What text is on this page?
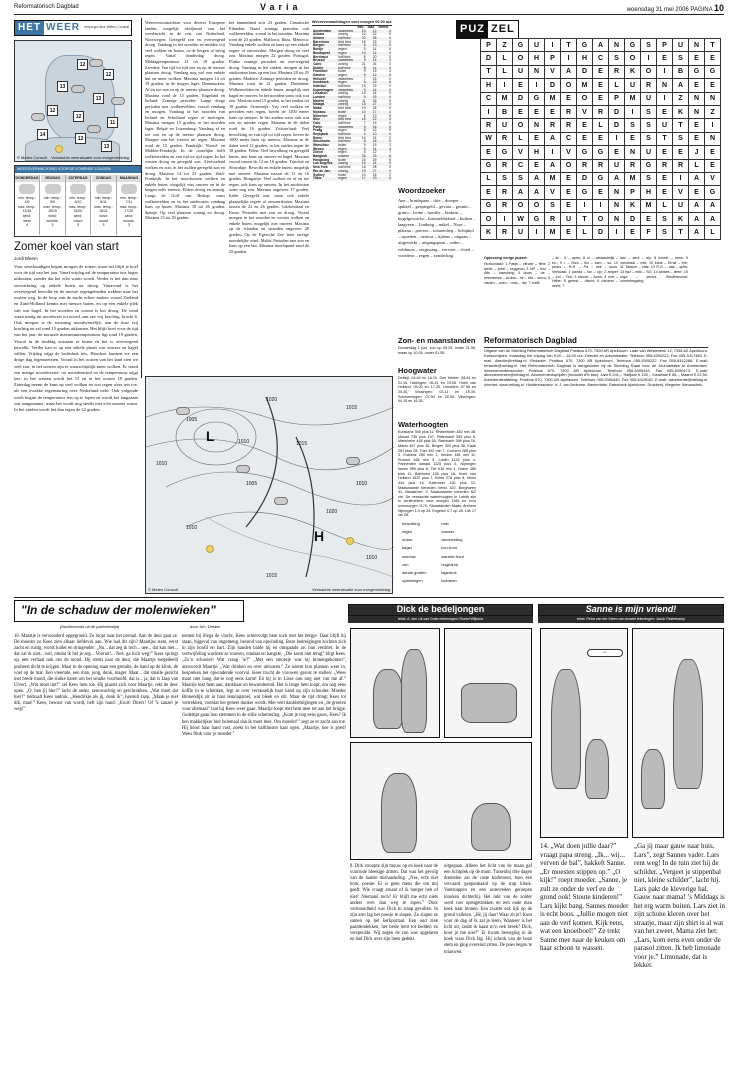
Reformatorisch Dagblad	Varia	woensdag 31 mei 2006 PAGINA 10
HET WEER	verzorgd door Meteo Consult
12
12
13
13
12
12
11
14
12
13
© Meteo Consult Verwachte weersituatie voor morgenmiddag
WEERSVERWACHTING VOOR DE KOMENDE 5 DAGEN
DONDERDAG
min. temp.:
4/9
max. temp.:
13/18
wind:
west
4
VRIJDAG
min. temp.:
5/9
max. temp.:
15/19
wind:
noordw.
3
ZATERDAG
min. temp.:
6/10
max. temp.:
15/20
wind:
noord
3
ZONDAG
min. temp.:
6/11
max. temp.:
16/21
wind:
noord
3
MAANDAG
min. temp.:
7/11
max. temp.:
17/22
wind:
noordo.
3
Zomer koel van start
Jordi Bleem
Voor weerkundigen begint morgen de zomer, maar het blijft te koel voor de tijd van het jaar. Vanaf vrijdag zal de temperatuur iets hoger uitkomen, zonder dat het echt warm wordt. Verder is het dan naar verwachting op enkele buien na droog. Vanavond is het overwegend bewolkt en de meeste regengebieden trekken naar het oosten weg. In de loop van de nacht echter maken vooral Zeeland en Zuid-Holland kennis met nieuwe buien, en op een enkele plek valt wat hagel. In het noorden en oosten is het droog. De wind waait matig uit noordwest tot noord, aan zee vrij krachtig, kracht 6. Ook morgen is de stroming noordwestelijk, aan de kust vrij krachtig en zal rond 15 graden uitkomen. Het blijft koel voor de tijd van het jaar: de normale maximumtemperatuur ligt rond 19 graden. Vooral in de middag ontstaan er buien en het is overwegend bewolkt. Verder kan er op een enkele plaats wat onweer en hagel vallen. Vrijdag stijgt de luchtdruk iets. Hierdoor kunnen we een droge dag tegemoetzien. Vooral in het oosten van het land zien we veel zon, in het westen zijn er waarschijnlijk meer wolken. Er waait een matige noordwester- tot noordenwind en de temperatuur stijgt iets: in het westen wordt het 15 en in het oosten 18 graden. Zaterdag neemt de kans op veel wolken en wat regen weer iets toe, als een zwakke regenstoring over Nederland trekt. Ook volgende week begint de temperatuur iets op te lopen en wordt het langzaam wat aangenamer, maar het wordt nog steeds niet echt zomers warm. In het zuiden wordt het dan tegen de 22 graden.
Weersvooruitzichten voor diverse Europese landen, mogelijk afwijkend van het weerbericht in de rest van Nederland. Noorwegen: Geregeld zon en overwegend droog. Vandaag in het noorden en midden vrij veel wolken en buien, in de bergen al hevig regen. Vanaf donderdag droog. Middagtemperatuur 12 tot 18 graden. Zweden: Van tijd tot tijd zon en op de meeste plaatsen droog. Vandaag nog wel een enkele bui en meer wolken. Maxima morgen 14 tot 19 graden, in de bergen lager. Denemarken: Af en toe zon en op de meeste plaatsen droog. Maxima rond de 15 graden. Engeland en Ierland: Zonnige perioden. Lange droge perioden met wolkenvelden, vooral vandaag en morgen. Vandaag in het noorden van Ierland en Schotland regen of motregen. Maxima morgen 15 graden, in het noorden lager. België en Luxemburg: Vandaag af en toe zon en op de meeste plaatsen droog. Morgen van het westen uit regen. Maxima rond de 15 graden. Frankrijk: Noord- en Midden-Frankrijk: In de oostelijke helft wolkenvelden en van tijd tot tijd regen. In het westen droog en geregeld zon. Afwisselend wolken en zon, in het zuiden geregeld zon en droog. Maxima 14 tot 23 graden. Zuid-Frankrijk: In het noordoosten wolken en enkele buien, mogelijk met onweer en in de bergen zelfs sneeuw. Elders droog en zonnig. Langs de Golf van Biskaje soms wolkenvelden en in het zuidoosten vandaag kans op buien. Maxima 18 tot 26 graden. Spanje: Op veel plaatsen zonnig en droog. Maxima 23 tot 29 graden.
het binnenland zo'n 23 graden. Canarische Eilanden: Naast zonnige perioden ook wolkenvelden, vooral in het noorden. Maxima rond de 23 graden. Mallorca, Ibiza, Menorca: Vandaag enkele wolken en kans op een enkele regen- of onweersbui. Morgen droog en veel zon. Maxima morgen 22 graden. Portugal: Flinke zonnige perioden en overwegend droog. Vandaag in het zuiden, morgen in het zuidoosten kans op een bui. Maxima 20 tot 25 graden. Madeira: Zonnige perioden en droog. Maxima rond de 21 graden. Duitsland: Wolkenvelden en enkele buien, mogelijk met hagel en onweer. In het noorden soms ook wat zon. Maxima rond 15 graden, in het zuiden tot 18 graden. Oostenrijk: Vrij veel wolken en perioden met regen, boven de 1100 meter kans op sneeuw. In het zuiden soms ook wat zon en minder regen. Maxima in de dalen rond de 16 graden. Zwitserland: Veel bewolking en van tijd tot tijd regen, boven de 1000 meter kans op sneeuw. Maxima in de dalen rond 12 graden, in het zuiden tegen de 18 graden. Polen: Veel bewolking en geregeld buien, met kans op onweer en hagel. Maxima vooral tussen de 12 en 16 graden. Tsjechië en Slowakije: Bewolkt en enkele buien, mogelijk met onweer. Maxima tussen de 11 en 16 graden. Hongarije: Veel wolken en af en toe regen, ook kans op onweer. In het zuidoosten soms nog zon. Maxima ongeveer 17 graden. Italië: Geregeld zon, maar ook enkele plaatselijke regen- of onweersbuien. Maxima tussen de 22 en 26 graden. Griekenland en Kreta: Perioden met zon en droog. Vooral morgen in het noorden en westen wolken en enkele buien, mogelijk met onweer. Maxima op de eilanden en stranden ongeveer 28 graden. Op de Egeïsche Zee later stevige noordelijke wind. Malta: Perioden met zon en kans op een bui. Maxima doorlopend rond de 25 graden.
Weersverwachtingen voor morgen 00.00 uur
		min.	max.	neersl.
Amsterdam	zwaarbew	10	12	4
Ankara	zonnig	10	22	0
Athene	half bew	20	28	0
Barcelona	licht bew	16	23	0
Bergen	half bew	6	13	0
Berlijn	regen	9	14	6
Boedapest	regen	10	14	4
Bordeaux	half bew	8	20	0
Brussel	zwaarbew	9	14	2
Cairo	zonnig	21	34	0
Dublin	half bew	8	14	0
Frankfurt	buien	9	15	4
Genève	regen	5	12	8
Helsinki	zwaarbew	7	16	0
Innsbruck	regen	6	12	6
Istanbul	half bew	15	23	0
Kopenhagen	zwaarbew	9	14	0
Lissabon	zonnig	14	24	0
Londen	half bew	9	15	0
Madrid	zonnig	11	26	0
Malaga	zonnig	15	27	0
Malta	licht bew	19	25	0
Moskou	buien	10	17	2
München	regen	6	13	5
Nice	licht bew	15	22	0
Oslo	half bew	7	15	0
Parijs	zwaarbew	9	16	0
Praag	regen	8	13	5
Reykjavik	half bew	4	10	0
Rome	licht bew	14	24	0
Stockholm	half bew	8	16	0
Warschau	buien	9	15	3
Wenen	regen	9	14	4
Zürich	regen	6	12	7
Bangkok	onweer	26	33	8
Hongkong	buien	24	29	5
Los Angeles	zonnig	15	24	0
New York	half bew	18	28	0
Rio de Jan.	zonnig	19	27	0
Sydney	buien	10	18	2
Tokio	regen	17	23	6
PUZ ZEL
P	Z	G	U	I	T	G	A	N	G	S	P	U	N	T
D	L	O	H	P	I	H	C	S	O	I	E	S	E	E
T	L	U	N	V	A	D	E	R	K	O	I	B	G	G
H	I	E	I	D	O	M	E	L	U	R	N	A	E	E
C	M	D	G	M	E	O	E	P	M	U	I	Z	N	N
I	B	E	E	E	R	V	R	D	I	S	E	K	N	Z
R	U	O	N	R	R	E	L	D	S	S	U	T	E	I
W	R	L	E	A	C	E	E	I	E	S	T	S	E	N
E	G	V	H	I	V	G	G	E	N	U	E	E	J	E
G	R	C	E	A	O	R	R	U	R	G	R	R	L	E
L	S	S	A	M	E	D	G	A	M	S	E	I	A	V
E	R	A	A	V	E	G	E	N	P	H	E	V	E	G
G	R	O	O	S	E	I	I	N	K	M	L	U	A	A
O	I	W	G	R	U	T	O	N	D	E	S	K	A	A
K	R	U	I	M	E	L	D	I	E	F	S	T	A	L
Woordzoeker
Ane – bruidspaar – drie – doreper – spikkel – gespiegeld – gevaar – gesmit – grutto – heine – havalie – kinkeur – kogelgewricht – kruimeldiefstal – kuiken – laagveen – Limburg – mikel – Noor – plateau – precies – schareoliep – Schiphol – squetten – serieus – tijdens – uitgaan – uitgewerkt – uitgangspunt – vader – veldmuis – vergissing – vervoer – vloed – voordeur – zegen – zonderling.
Oplossing vorige puzzel:
Horizontaal: 1 Parijs – vlinder – fietz; 2 arrek – pizzi – reggeno; 3 NP – boo – dito – Iranshing; 4 drum – de – zeemeeuw – Aruba – ne – rita – sinco; 5 visden – ovsn – mus – dic; 7 outfit
– kt – h. – apier; 8 ol. – afstandelijk – ex.; 9 r. – Nico – lev – zam – su; 10 pears – H.R. – Pa – nek – soos. Verticaal: 1 panda – ion – ojo; 2 amper – eul – Tea; 3 eboort – Aces; 4 rnet – Hifbe; 5 genrst – dischi; 6 toedem – zeert; 7
lam – serk – alp; 8 inheet – ness; 9 nonstraal – mitt; 10 ideal – Ernst – ere; 11 Tantum – slak; 12 R.G. – das – spits; 13 fiaz – edik – SO; 14 anises – lieter; 15 roga – zenus. Sleutelwoord: zomerbegaing.
L
H
1020
1015
1010
1010
1005
1015
1010
1020
1010
1015
1005
1010
© Meteo Consult	Verwachte weersituatie voor morgenmiddag
bewolking	mist
regen	onweer
motre-	windrichting
hagel	kou-front
sneeuw	warmte-front
zon	hogedruk
aantal graden	lagedruk
opklaringen	isobaren
Zon- en maanstanden
Donderdag 1 juni, zon op 05.29, onder 21.56; maan op 10.05, onder 01.55.
Hoogwater
Delfzijl: 04.40 en 16.10, Den Helder: 08.44 en 21.15, Harlingen: 06.41 en 19.06, Hoek van Holland: 05.00 en 17.25, IJmuiden: 07.56 en 20.26, Vlissingen: 03.11 en 15.39, Scheveningen: 07.50 en 20.00, Vlissingen: 04.10 en 16.35.
Waterhoogten
Konstanz 398 plus 11, Rheinfelden 482 min 38, Maxau 735 plus 107, Plittersdorf 555 plus 6, Mannheim 448 plus 55, Steinbach 398 plus 16, Mainz 457 plus 26, Bingen 300 plus 38, Kaub 281 plus 28, Trier 392 min 7, Cochem 265 plus 3, Koblenz 260 min 2, Keulen 481 min 11, Ruhrort 684 min 9, Lobith 1142 plus 4, Pannerden kanaal 1125 plus 4, Nijmegen haven 950 plus 8, Tiel 616 min 4, Grave 365 plus 11, Bathmen 158 plus 18, Hoek van Holland 1822 plus 7, Eelde 278 plus 8, Venlo 444 plus 16, Katerveer 126 plus 12. Maaswaarde beneden Venlo 320. Borgharen 31, Maastricht: 0, Maaswaarde beneden 8/2 vm. De verwachte waterhoogten in Lobith zijn in centimeters: voor morgen 1165 en voor overmorgen 1170. Stuwstanden Maas: Arnhem Nijmegen 1.0 op 28, Engelen 0.7 op 28, Lith 17 vm 28.
Reformatorisch Dagblad
Uitgave van de Stichting Reformatorisch Dagblad Postbus 670, 7300 AR Apeldoorn. Laan van Westenenk 12, 7336 AZ Apeldoorn. Kantoortijden: maandag t/m vrijdag van 9.00 – 16.00 uur. Directie en Administratie: Telefoon 055-5390222. Fax 055-5417483. E-mail: directie@refdag.nl. Redactie: Postbus 670, 7300 AR Apeldoorn. Telefoon 055-5390222. Fax 055-5412288. E-mail: redactie@refdag.nl. Het Reformatorisch Dagblad is aangesloten bij de Stichting Raad voor de Journalistiek te Amsterdam. Abonnementenservice: Postbus 670, 7300 AR Apeldoorn. Telefoon 055-5390444. Fax 055-5390473. E-mail: abonnementen@refdag.nl. Abonnementsprijzen (inclusief 6% btw): Jaar € 241,-; Halfjaar € 125,-; Kwartaal € 65,-; Maand € 22,50. Advertentieafdeling: Postbus 670, 7300 AR Apeldoorn. Telefoon 055-5390440. Fax 055-5419030. E-mail: advertentie@refdag.nl. Internet: www.refdag.nl. Hoofdredacteur: Ir. J. van Ardenne. Bankrelatie: Rabobank Apeldoorn. Drukkerij: Wegener Nieuwsdruk.
"In de schaduw der molenwieken"
(familieroman uit de patriottentijd)	door Joh. Dekker
Dick de bedeljongen
tekst: A. den Uil-van Golen tekeningen: Roelof Wijtsma
Sanne is mijn vriend!
tekst: Petra van der Steen-van Amstel tekeningen: Jacob Pasterkamp
16. Maartje is verwonderd opgegroeid. Ze loopt naar het portaal. Aan de deur gaat ze. De moeder zo Kees zien elkaar liefdevol aan. Wie had dit zijn? Maartjes stem, eerst zacht en rustig, wordt luider en dringender: „Nu... dat zeg ik toch... nee... dat kan niet... dat zal ik niet... wel, omdat ik het je zeg... Vooruit!... Nee, ga toch weg!” Kees springt op, een verhaal nok ons de mond. Hij strekt naar de deur, die Maartje toegedeeld probeert dicht te krijgen. Maar in de opening staat een gestalte, de hand op de klink, de voet op de mat. Een vreemde, een man, jong, dunk, mager. Maar... dat smalle gezicht met brede mond, die sluike haren om het smalle voorhoofd, dat is... ja, dat is Jaap van Ulvert. „Wat moet dat?” zei Kees hem toe. Hij plaatst zich voor Maartje, rekt de deur open. „O, ben jij hier?” lacht de ander, zenuwachtig en geschrokken. „Wat moet dat hier?” herhaalt Kees nadruk. „Hendrikje als jij, denk ik”, herstelt Jaap. „Maak je niet dik, man!” Kees, bewust van wordt, heft zijn hand: „Eruit! Direct! Of ’k zanzel je weg!”
nemen bij illega de vlucht, Kees achtervolgt hem toch met het bergje. Daar blijft hij staan, bijgeval van ongemeng, bevend van opwinding. Boze bedreigingen zochten zich in zijn hoofd en hart. Zijn handen balde hij en ontspande ze: hun verdriet. In de vertwijfeling wachten ze rouwen, omdaat en bangste. „Die komt niet terug” bligt Kees. „Zo’n schooier! Wat vraag ’ie?” „Met een smoesje was hij binnengekomen”, antwoordt Maartje. „Wat drinken en over uitrusten.” Ze noemt hun plannen weer in, bespreken het opwindende voorval. Kees trucht de vrouwen gerust te stellen: „Wees maar niet bang dat-ie nog eens komt! En hij is in Lisse ook nog niet van me af.” Maartje kikt hem aan, dankbaar en bewonderend. Het is lange hem loopt, om nog eens koffie in te schenken, legt ze over verrasselijk haar hand op zijn schouder. Moeder Binnendijk zit in haar leuningstoel, wat bleek en stil. Maar de tijd dringt Kees tot vertrekken, voordat het geheel donker wordt. Met veel dankbetuigingen en „de groeten voor allemaal” laat hij Kees weer gaan. Maartje loopt met hem mee tot aan het brugje. Gedempt gaan hun stemmen in de stille schemering. „Kom je nog eens gauw, Kees? Ik ben makkelijker hier helemaal dan ik moet thee. Om moeder!” zegt ze er zacht aan toe. Hij hoort haar hand vast, zoekt in het halfduister haar ogen. „Maartje, hoe is goed! Wees flink voor je moeder.”
8. Dirk stroopte zijn mouw op en keek naar de vuurrode bleekige armen. Dat was het gevolg van de laatste mishandeling. „Nee, echt niet hoor, poesie. Er is geen mens die om mij geeft. Wie vraagt ernaar of ik honger heb of niet? Niemand toch? Er blijft me echt niets anders over dan weg te lopen.” Door vermoeidheid was Dick in slaap gevallen. In zijn arm lag het poesje te slapen. Zo slapen ze samen op het kerkportaal. Een oud ziek paardendekken, het beste hem tot bedden en verspeulde. Wij zegen de zon was opgelaten en had Dick over zijn been gedekt.
uitgegaan. Alleen het licht van de maan gaf een lichtplek op de muur. Tussenhij drie dagen drentelen zat de vaste korhenren, toen een vervaard geopenbaard op de trap klonk. Voetstappen en een ontevreden geroepen klonken dichterbij. Het lukt van de zolder werd ruw opengetrokken en een oude man keek naar binnen. Een zwarte sok lijk op de grond valleien. „Hé, jij daar! Waar zit je? Kom voor de dag of ik zal je leren, Wanneer is het licht uit, zodat ik haast m’n nek breek? Dick, hoor je me niet?” Er kwam beweging in de hoek waar Dick lag. Hij schrok van de boze stem en ging overeind zitten. De poes begon te miauwen.
•••
14. „Wat doen jullie daar?” vraagt papa streng. „Ik... wij... verven de bal”, hakkelt Sanne. „Er moesten stippen op.” „O kijk!” roept moeder. „Sanne, je zult ze onder de verf en de grond ook! Stoute kinderen!” Lars kijkt bang. Sannes moeder is echt boos. „Jullie mogen niet aan de verf komen. Kijk eens, wat een knoeiboel!” Ze trekt Sanne mee naar de keuken om haar schoon te wassen.
„Ga jij maar gauw naar huis, Lars”, zegt Sannes vader. Lars rent weg! In de tuin ziet hij de schilder. „Vergeet je stippenbal niet, kleine schilder”, lacht hij. Lars pakt de kleverige bal. Gauw naar mama! ’s Middags is het erg warm buiten. Lars ziet in zijn schone kleren over het straatje, maar zijn shirt is al wat van het zweet. Mama ziet het: „Lars, kom eens even onder de parasol zitten. Ik heb limonade voor je.” Limonade, dat is lekker.
